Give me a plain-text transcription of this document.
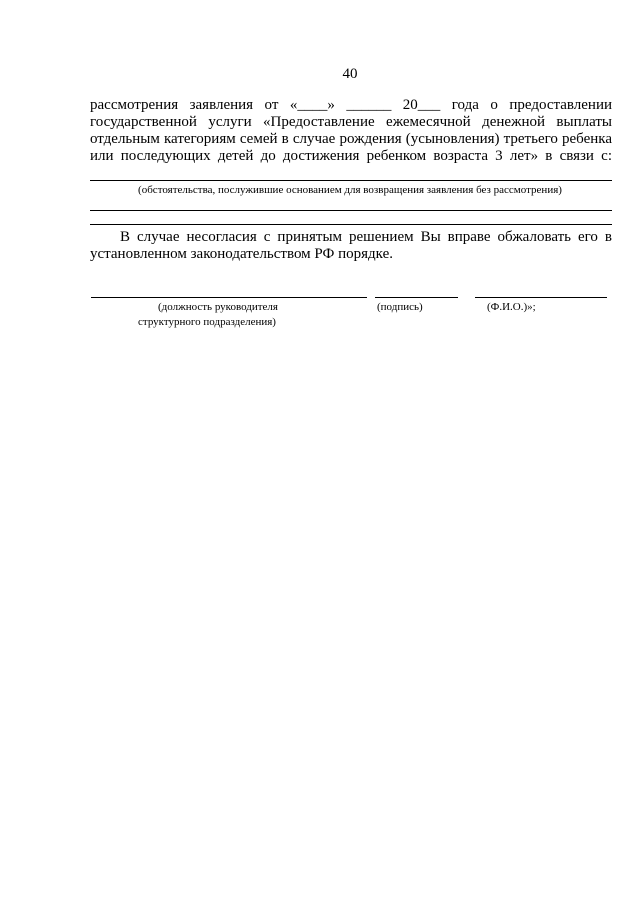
40
рассмотрения заявления от «____» ______ 20___ года о предоставлении
государственной услуги «Предоставление ежемесячной денежной выплаты
отдельным категориям семей в случае рождения (усыновления) третьего ребенка
или последующих детей до достижения ребенком возраста 3 лет» в связи с:
(обстоятельства, послужившие основанием для возвращения заявления без рассмотрения)
В случае несогласия с принятым решением Вы вправе обжаловать его в
установленном законодательством РФ порядке.
(должность руководителя
структурного подразделения)
(подпись)	(Ф.И.О.)»;
